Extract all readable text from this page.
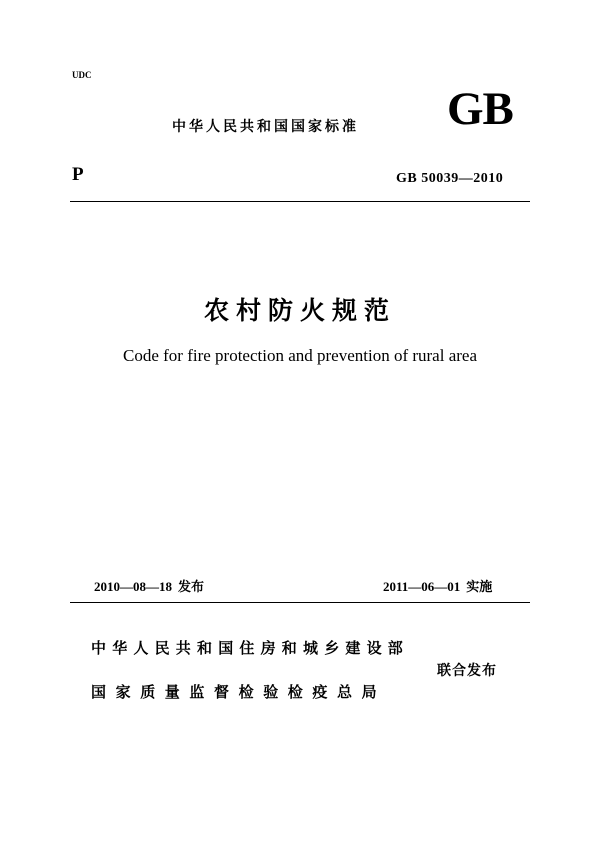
UDC
中华人民共和国国家标准 GB
P	GB 50039—2010
农村防火规范
Code for fire protection and prevention of rural area
2010—08—18 发布	2011—06—01 实施
中华人民共和国住房和城乡建设部
国家质量监督检验检疫总局
联合发布
